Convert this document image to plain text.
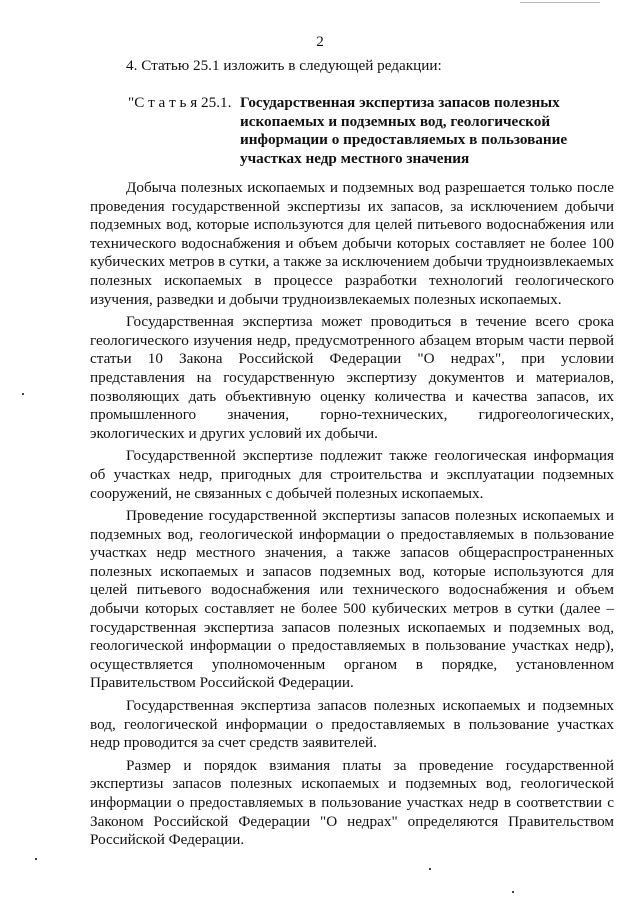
2
4. Статью 25.1 изложить в следующей редакции:
"С т а т ь я 25.1. Государственная экспертиза запасов полезных
ископаемых и подземных вод, геологической
информации о предоставляемых в пользование
участках недр местного значения

Добыча полезных ископаемых и подземных вод разрешается только после проведения государственной экспертизы их запасов, за исключением добычи подземных вод, которые используются для целей питьевого водоснабжения или технического водоснабжения и объем добычи которых составляет не более 100 кубических метров в сутки, а также за исключением добычи трудноизвлекаемых полезных ископаемых в процессе разработки технологий геологического изучения, разведки и добычи трудноизвлекаемых полезных ископаемых.

Государственная экспертиза может проводиться в течение всего срока геологического изучения недр, предусмотренного абзацем вторым части первой статьи 10 Закона Российской Федерации "О недрах", при условии представления на государственную экспертизу документов и материалов, позволяющих дать объективную оценку количества и качества запасов, их промышленного значения, горно-технических, гидрогеологических, экологических и других условий их добычи.

Государственной экспертизе подлежит также геологическая информация об участках недр, пригодных для строительства и эксплуатации подземных сооружений, не связанных с добычей полезных ископаемых.

Проведение государственной экспертизы запасов полезных ископаемых и подземных вод, геологической информации о предоставляемых в пользование участках недр местного значения, а также запасов общераспространенных полезных ископаемых и запасов подземных вод, которые используются для целей питьевого водоснабжения или технического водоснабжения и объем добычи которых составляет не более 500 кубических метров в сутки (далее – государственная экспертиза запасов полезных ископаемых и подземных вод, геологической информации о предоставляемых в пользование участках недр), осуществляется уполномоченным органом в порядке, установленном Правительством Российской Федерации.

Государственная экспертиза запасов полезных ископаемых и подземных вод, геологической информации о предоставляемых в пользование участках недр проводится за счет средств заявителей.

Размер и порядок взимания платы за проведение государственной экспертизы запасов полезных ископаемых и подземных вод, геологической информации о предоставляемых в пользование участках недр в соответствии с Законом Российской Федерации "О недрах" определяются Правительством Российской Федерации.
